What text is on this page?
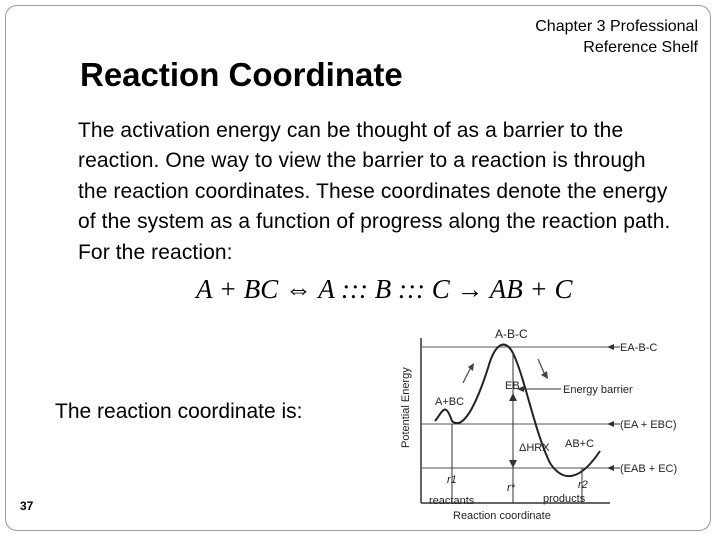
Chapter 3 Professional
Reference Shelf
Reaction Coordinate
The activation energy can be thought of as a barrier to the reaction. One way to view the barrier to a reaction is through the reaction coordinates. These coordinates denote the energy of the system as a function of progress along the reaction path. For the reaction:
A + BC ⇔ A ::: B ::: C → AB + C
The reaction coordinate is:
37
Potential Energy
A-B-C
A+BC
AB+C
EA-B-C
EB	Energy barrier
(EA + EBC)
(EAB + EC)
ΔHRX
r1
r*	r2
reactants	products
Reaction coordinate
